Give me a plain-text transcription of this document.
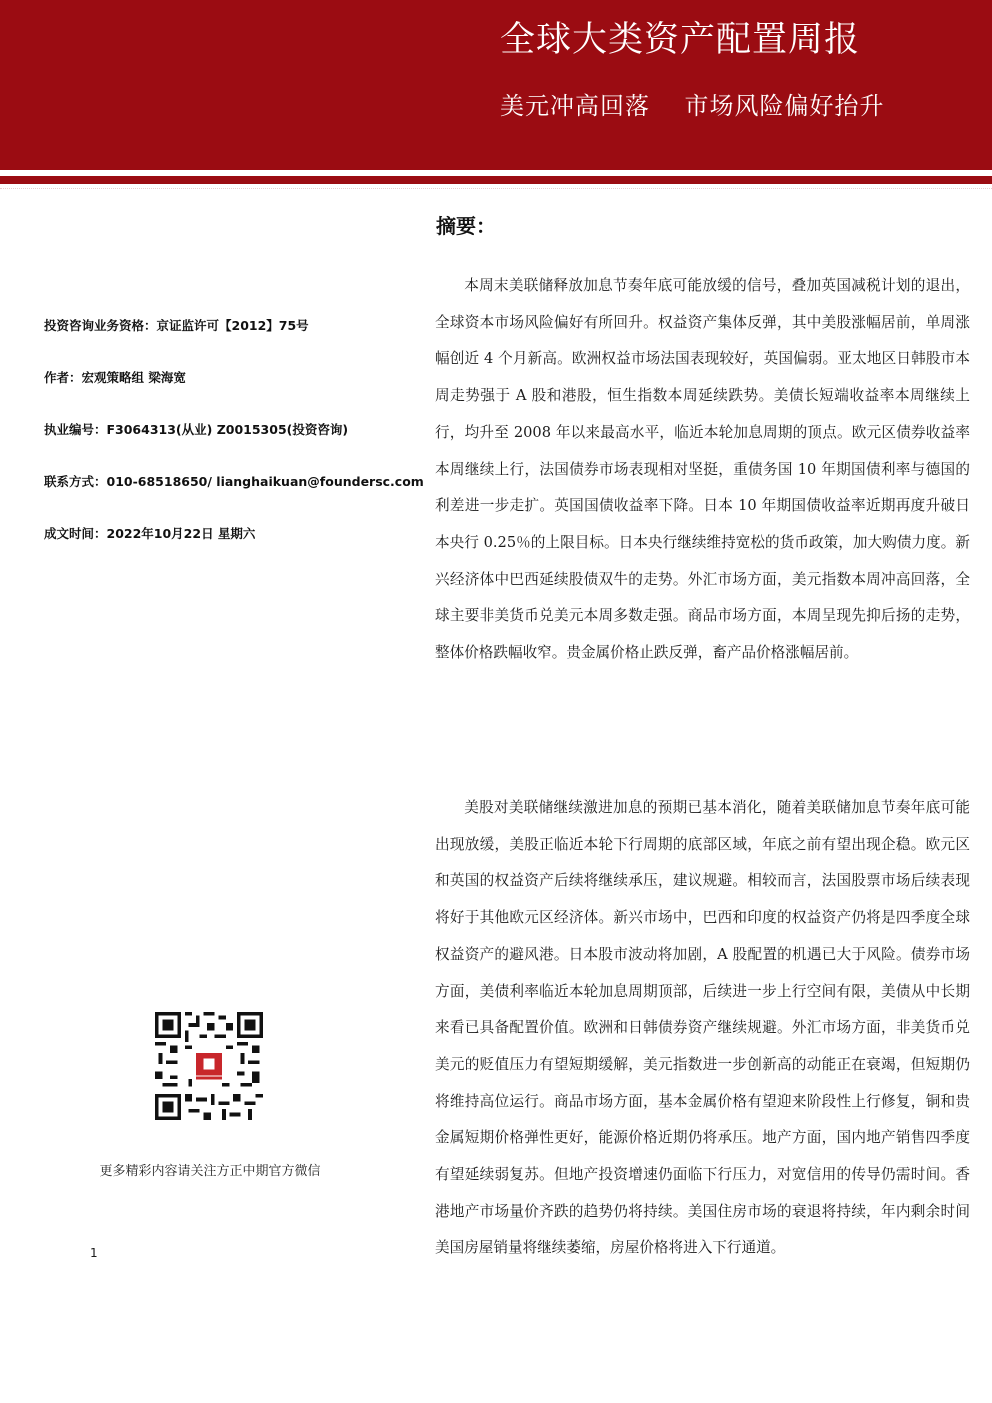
全球大类资产配置周报
美元冲高回落    市场风险偏好抬升
投资咨询业务资格：京证监许可【2012】75号
作者：宏观策略组 梁海宽
执业编号：F3064313(从业) Z0015305(投资咨询)
联系方式：010-68518650/ lianghaikuan@foundersc.com
成文时间：2022年10月22日 星期六
更多精彩内容请关注方正中期官方微信
1
摘要：

本周末美联储释放加息节奏年底可能放缓的信号，叠加英国减税计划的退出，全球资本市场风险偏好有所回升。权益资产集体反弹，其中美股涨幅居前，单周涨幅创近 4 个月新高。欧洲权益市场法国表现较好，英国偏弱。亚太地区日韩股市本周走势强于 A 股和港股，恒生指数本周延续跌势。美债长短端收益率本周继续上行，均升至 2008 年以来最高水平，临近本轮加息周期的顶点。欧元区债券收益率本周继续上行，法国债券市场表现相对坚挺，重债务国 10 年期国债利率与德国的利差进一步走扩。英国国债收益率下降。日本 10 年期国债收益率近期再度升破日本央行 0.25％的上限目标。日本央行继续维持宽松的货币政策，加大购债力度。新兴经济体中巴西延续股债双牛的走势。外汇市场方面，美元指数本周冲高回落，全球主要非美货币兑美元本周多数走强。商品市场方面，本周呈现先抑后扬的走势，整体价格跌幅收窄。贵金属价格止跌反弹，畜产品价格涨幅居前。

美股对美联储继续激进加息的预期已基本消化，随着美联储加息节奏年底可能出现放缓，美股正临近本轮下行周期的底部区域，年底之前有望出现企稳。欧元区和英国的权益资产后续将继续承压，建议规避。相较而言，法国股票市场后续表现将好于其他欧元区经济体。新兴市场中，巴西和印度的权益资产仍将是四季度全球权益资产的避风港。日本股市波动将加剧，A 股配置的机遇已大于风险。债券市场方面，美债利率临近本轮加息周期顶部，后续进一步上行空间有限，美债从中长期来看已具备配置价值。欧洲和日韩债券资产继续规避。外汇市场方面，非美货币兑美元的贬值压力有望短期缓解，美元指数进一步创新高的动能正在衰竭，但短期仍将维持高位运行。商品市场方面，基本金属价格有望迎来阶段性上行修复，铜和贵金属短期价格弹性更好，能源价格近期仍将承压。地产方面，国内地产销售四季度有望延续弱复苏。但地产投资增速仍面临下行压力，对宽信用的传导仍需时间。香港地产市场量价齐跌的趋势仍将持续。美国住房市场的衰退将持续，年内剩余时间美国房屋销量将继续萎缩，房屋价格将进入下行通道。
